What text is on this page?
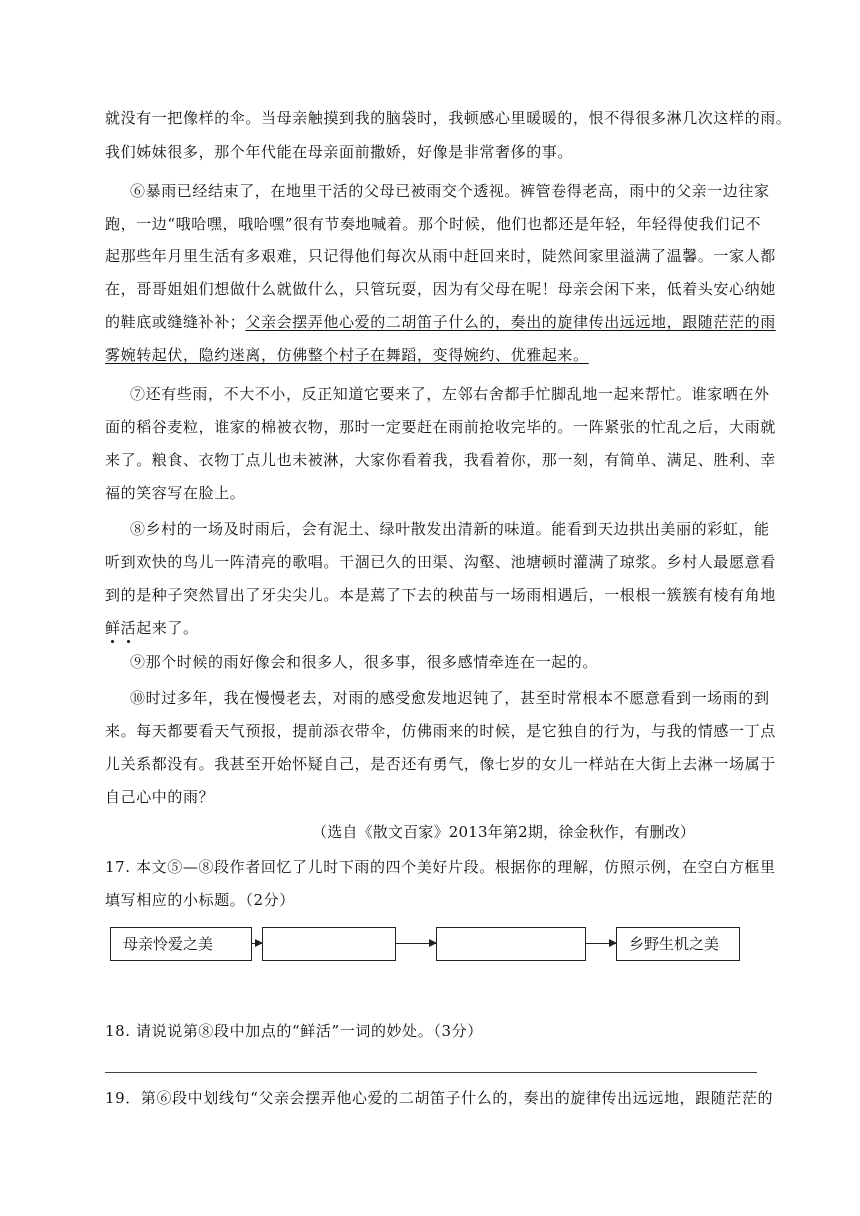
就没有一把像样的伞。当母亲触摸到我的脑袋时，我顿感心里暖暖的，恨不得很多淋几次这样的雨。
我们姊妹很多，那个年代能在母亲面前撒娇，好像是非常奢侈的事。
⑥暴雨已经结束了，在地里干活的父母已被雨交个透视。裤管卷得老高，雨中的父亲一边往家
跑，一边“哦哈嘿，哦哈嘿”很有节奏地喊着。那个时候，他们也都还是年轻，年轻得使我们记不
起那些年月里生活有多艰难，只记得他们每次从雨中赶回来时，陡然间家里溢满了温馨。一家人都
在，哥哥姐姐们想做什么就做什么，只管玩耍，因为有父母在呢！母亲会闲下来，低着头安心纳她
的鞋底或缝缝补补；父亲会摆弄他心爱的二胡笛子什么的，奏出的旋律传出远远地，跟随茫茫的雨
雾婉转起伏，隐约迷离，仿佛整个村子在舞蹈，变得婉约、优雅起来。
⑦还有些雨，不大不小，反正知道它要来了，左邻右舍都手忙脚乱地一起来帮忙。谁家晒在外
面的稻谷麦粒，谁家的棉被衣物，那时一定要赶在雨前抢收完毕的。一阵紧张的忙乱之后，大雨就
来了。粮食、衣物丁点儿也未被淋，大家你看着我，我看着你，那一刻，有简单、满足、胜利、幸
福的笑容写在脸上。
⑧乡村的一场及时雨后，会有泥土、绿叶散发出清新的味道。能看到天边拱出美丽的彩虹，能
听到欢快的鸟儿一阵清亮的歌唱。干涸已久的田渠、沟壑、池塘顿时灌满了琼浆。乡村人最愿意看
到的是种子突然冒出了牙尖尖儿。本是蔫了下去的秧苗与一场雨相遇后，一根根一簇簇有棱有角地
鲜活起来了。
⑨那个时候的雨好像会和很多人，很多事，很多感情牵连在一起的。
⑩时过多年，我在慢慢老去，对雨的感受愈发地迟钝了，甚至时常根本不愿意看到一场雨的到
来。每天都要看天气预报，提前添衣带伞，仿佛雨来的时候，是它独自的行为，与我的情感一丁点
儿关系都没有。我甚至开始怀疑自己，是否还有勇气，像七岁的女儿一样站在大街上去淋一场属于
自己心中的雨？
（选自《散文百家》2013年第2期，徐金秋作，有删改）
17. 本文⑤—⑧段作者回忆了儿时下雨的四个美好片段。根据你的理解，仿照示例，在空白方框里
填写相应的小标题。（2分）
母亲怜爱之美	乡野生机之美
18. 请说说第⑧段中加点的“鲜活”一词的妙处。（3分）
19．第⑥段中划线句“父亲会摆弄他心爱的二胡笛子什么的，奏出的旋律传出远远地，跟随茫茫的
